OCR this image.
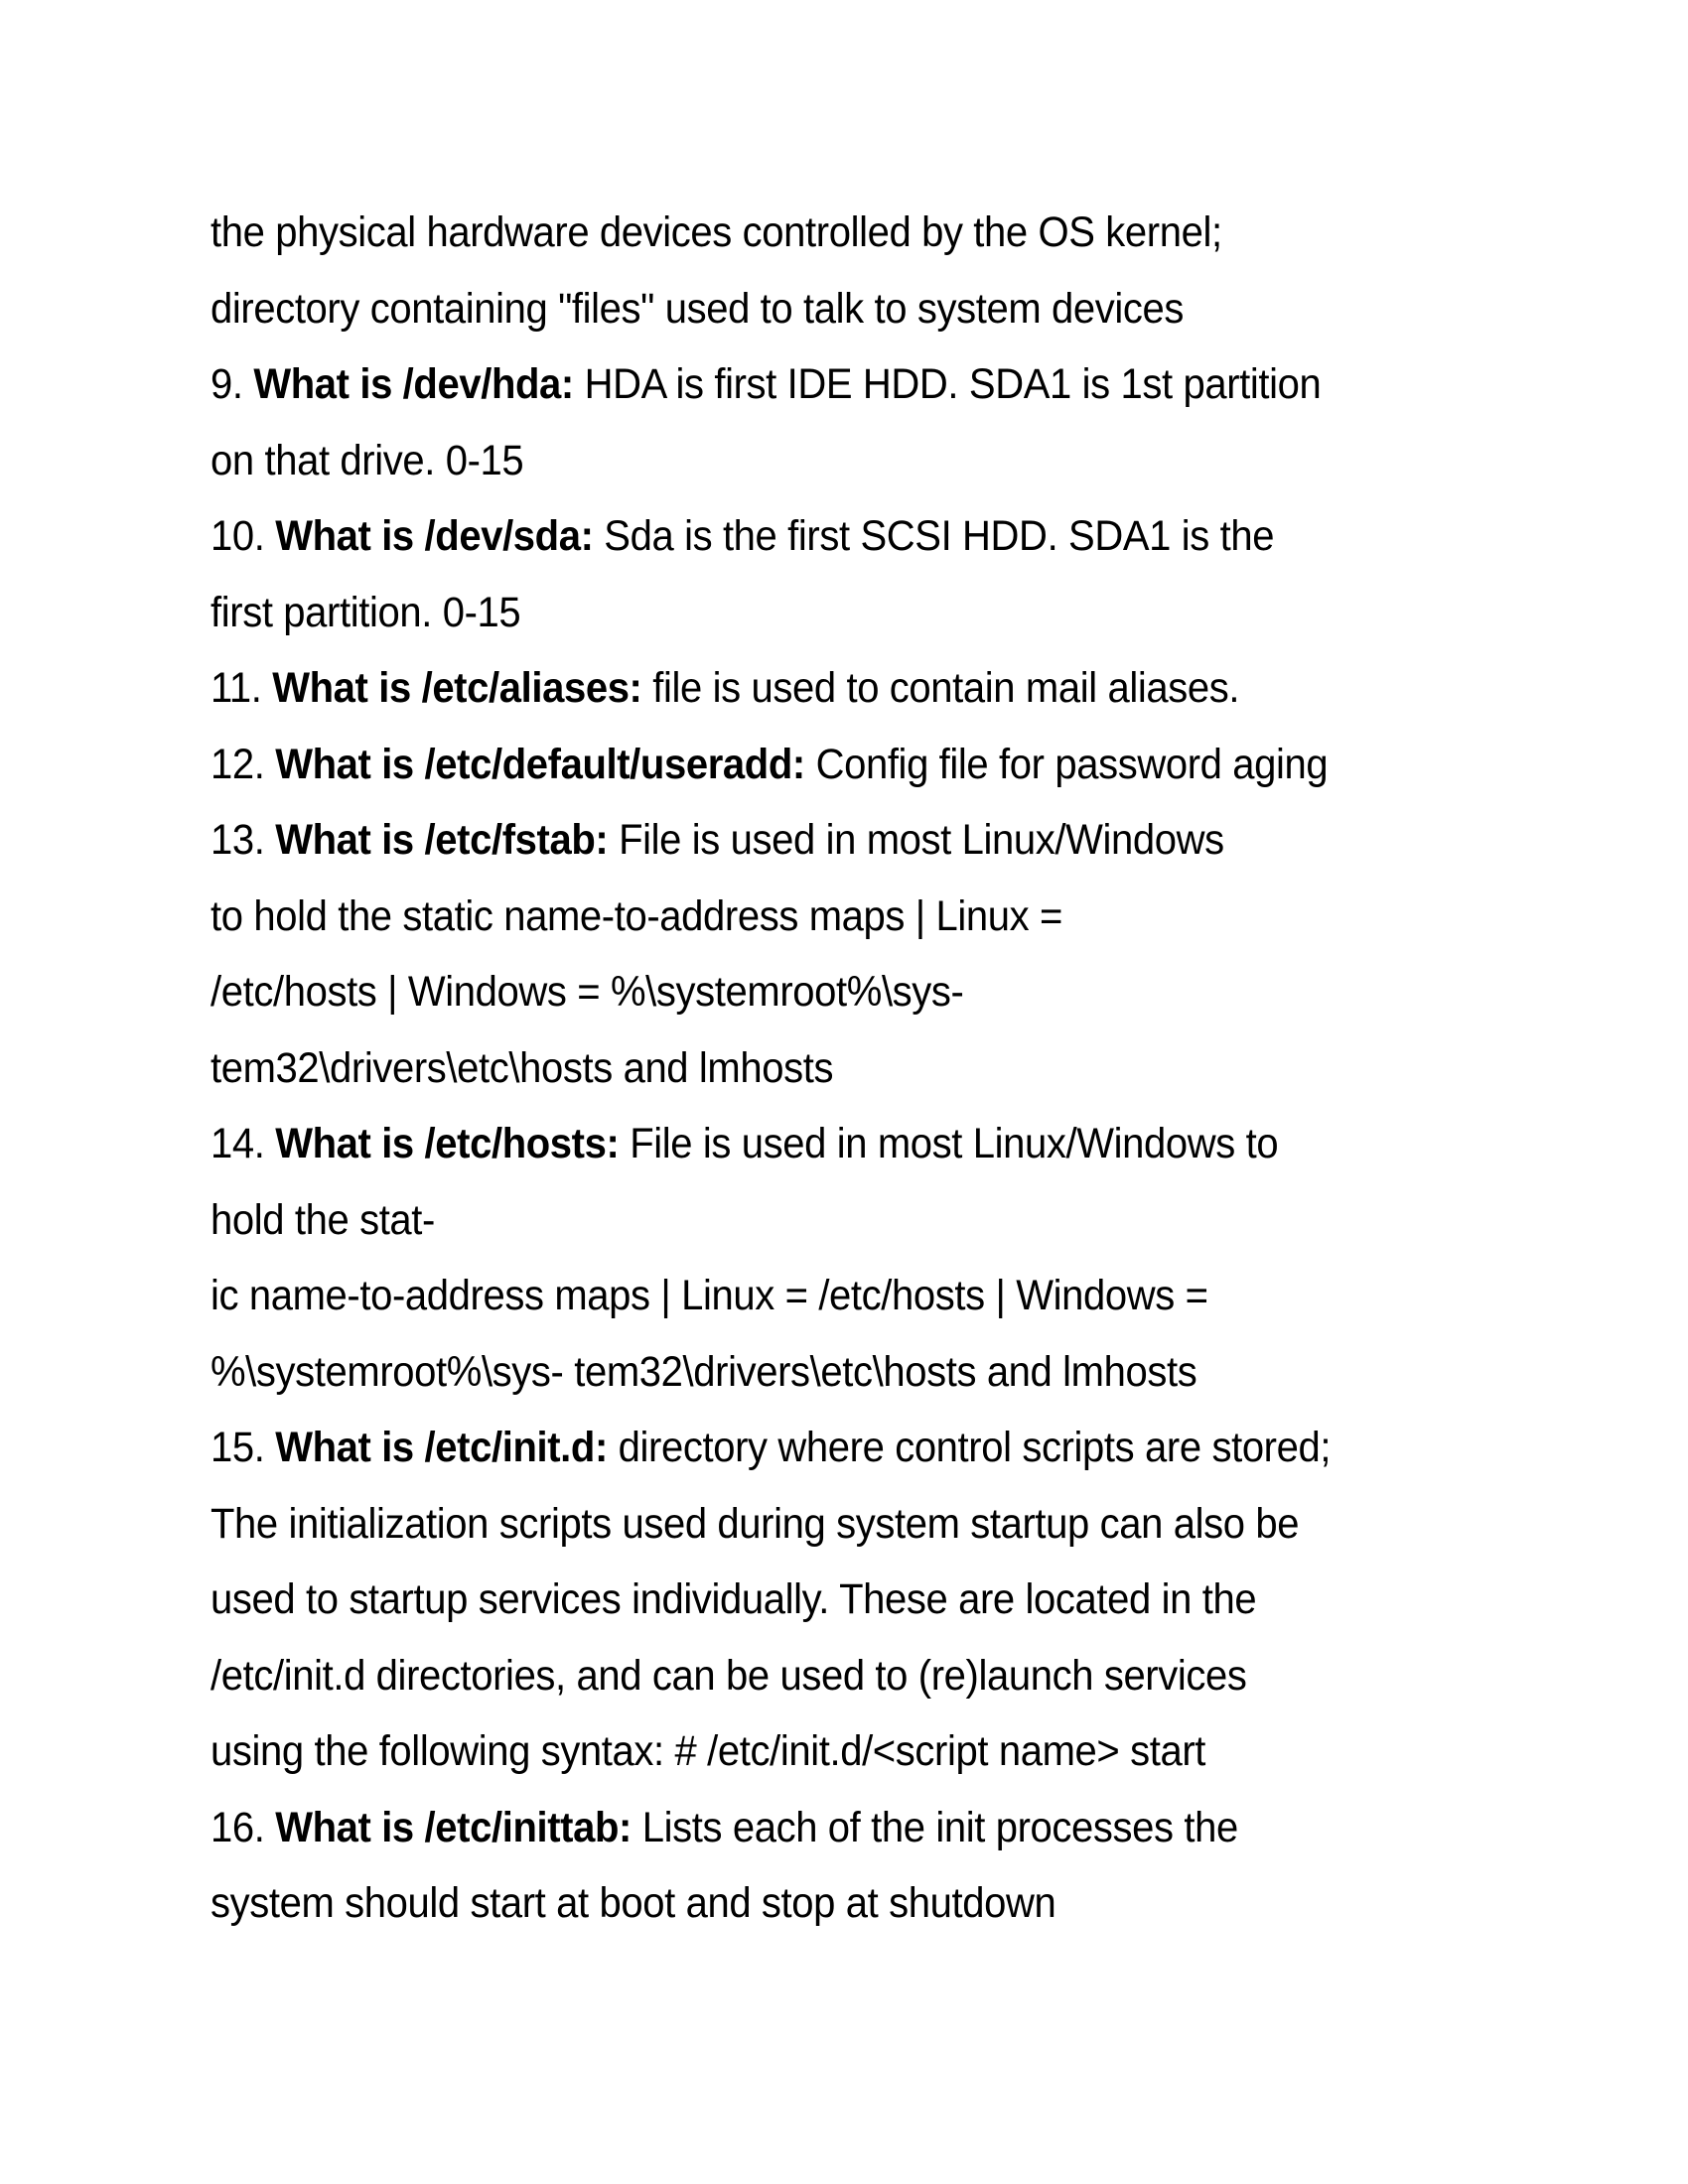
the physical hardware devices controlled by the OS kernel;
directory containing "files" used to talk to system devices
9. What is /dev/hda: HDA is first IDE HDD. SDA1 is 1st partition
on that drive. 0-15
10. What is /dev/sda: Sda is the first SCSI HDD. SDA1 is the
first partition. 0-15
11. What is /etc/aliases: file is used to contain mail aliases.
12. What is /etc/default/useradd: Config file for password aging
13. What is /etc/fstab: File is used in most Linux/Windows
to hold the static name-to-address maps | Linux =
/etc/hosts | Windows = %\systemroot%\sys-
tem32\drivers\etc\hosts and lmhosts
14. What is /etc/hosts: File is used in most Linux/Windows to
hold the stat-
ic name-to-address maps | Linux = /etc/hosts | Windows =
%\systemroot%\sys- tem32\drivers\etc\hosts and lmhosts
15. What is /etc/init.d: directory where control scripts are stored;
The initialization scripts used during system startup can also be
used to startup services individually. These are located in the
/etc/init.d directories, and can be used to (re)launch services
using the following syntax: # /etc/init.d/<script name> start
16. What is /etc/inittab: Lists each of the init processes the
system should start at boot and stop at shutdown
